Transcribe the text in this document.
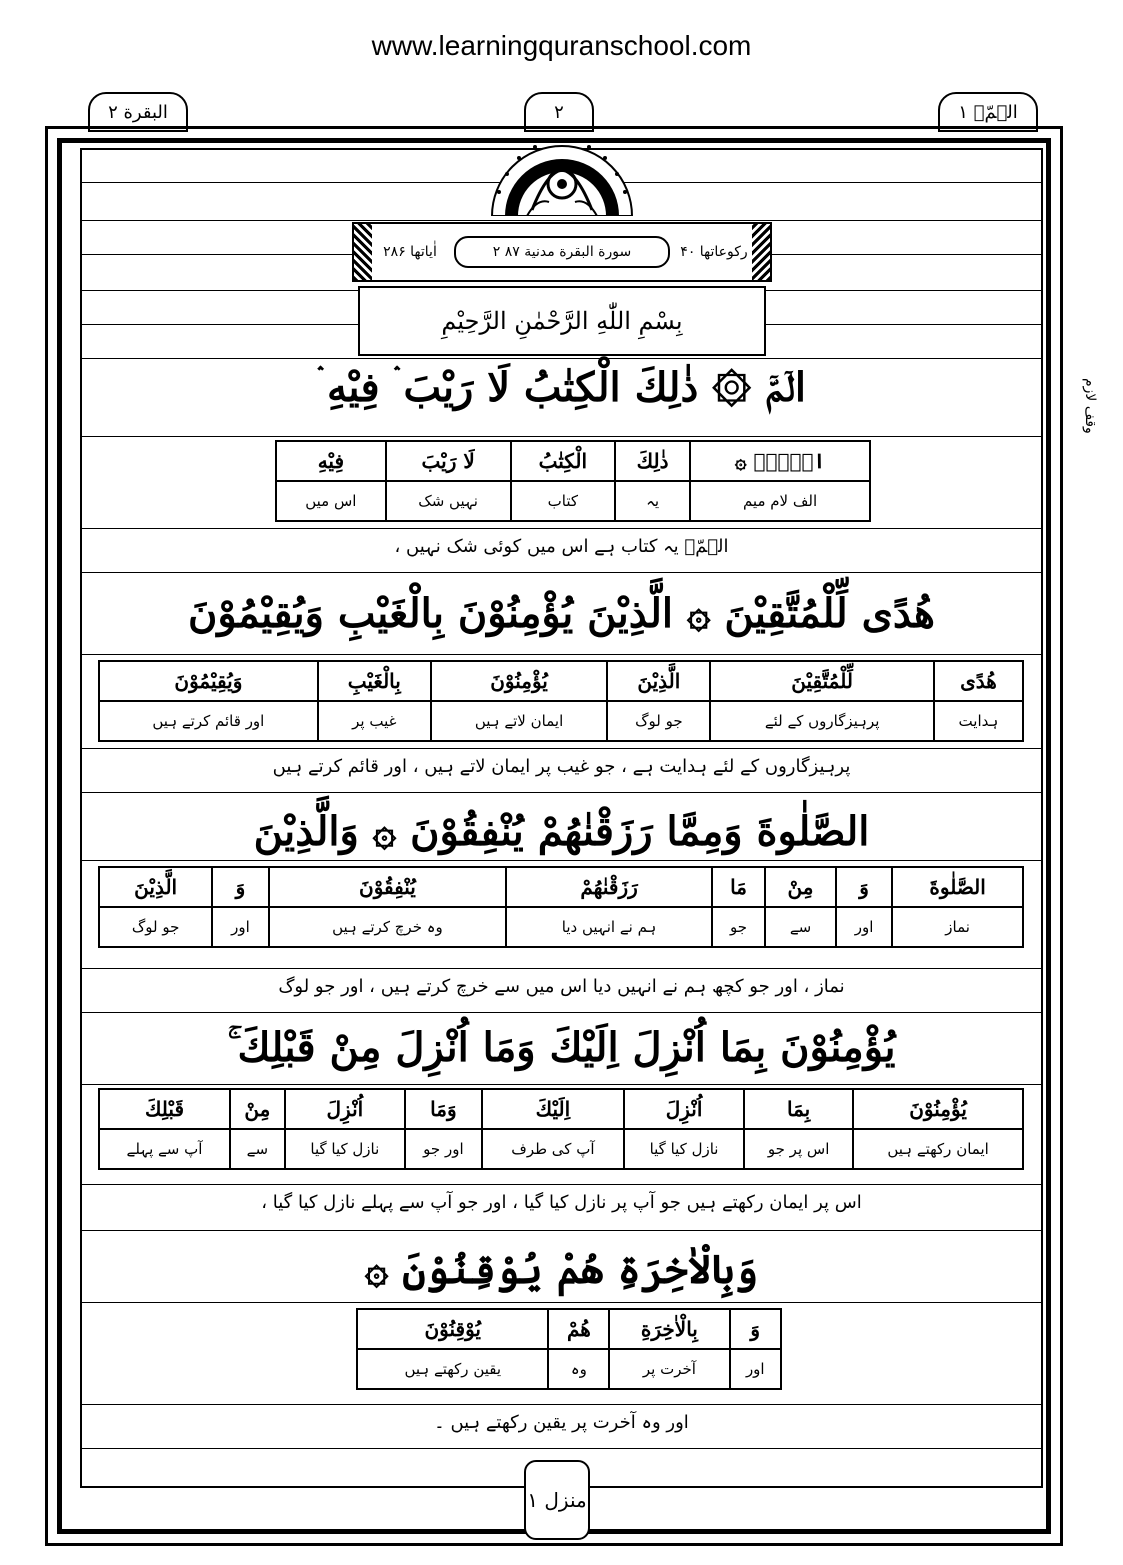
www.learningquranschool.com
البقرة ۲	۲	الۤمّۤ ۱
اٰياتها ۲۸۶	۲ سورة البقرة مدنية ۸۷	ركوعاتها ۴۰
بِسْمِ اللّٰهِ الرَّحْمٰنِ الرَّحِيْمِ
وقف لازم
الۤمّۤ ۞ ذٰلِكَ الْكِتٰبُ لَا رَيْبَ ۛ فِيْهِ ۛ
الۤمّۤ ۞	ذٰلِكَ	الْكِتٰبُ	لَا رَيْبَ	فِيْهِ
الف لام میم	یہ	کتاب	نہیں شک	اس میں
الۤمّۤ یہ کتاب ہے اس میں کوئی شک نہیں ،
هُدًى لِّلْمُتَّقِيْنَ ۞ الَّذِيْنَ يُؤْمِنُوْنَ بِالْغَيْبِ وَيُقِيْمُوْنَ
هُدًى	لِّلْمُتَّقِيْنَ	الَّذِيْنَ	يُؤْمِنُوْنَ	بِالْغَيْبِ	وَيُقِيْمُوْنَ
ہدایت	پرہیزگاروں کے لئے	جو لوگ	ایمان لاتے ہیں	غیب پر	اور قائم کرتے ہیں
پرہیزگاروں کے لئے ہدایت ہے ، جو غیب پر ایمان لاتے ہیں ، اور قائم کرتے ہیں
الصَّلٰوةَ وَمِمَّا رَزَقْنٰهُمْ يُنْفِقُوْنَ ۞ وَالَّذِيْنَ
الصَّلٰوةَ	وَ	مِنْ	مَا	رَزَقْنٰهُمْ	يُنْفِقُوْنَ	وَ	الَّذِيْنَ
نماز	اور	سے	جو	ہم نے انہیں دیا	وہ خرچ کرتے ہیں	اور	جو لوگ
نماز ، اور جو کچھ ہم نے انہیں دیا اس میں سے خرچ کرتے ہیں ، اور جو لوگ
يُؤْمِنُوْنَ بِمَا اُنْزِلَ اِلَيْكَ وَمَا اُنْزِلَ مِنْ قَبْلِكَ ۚ
يُؤْمِنُوْنَ	بِمَا	اُنْزِلَ	اِلَيْكَ	وَمَا	اُنْزِلَ	مِنْ	قَبْلِكَ
ایمان رکھتے ہیں	اس پر جو	نازل کیا گیا	آپ کی طرف	اور جو	نازل کیا گیا	سے	آپ سے پہلے
اس پر ایمان رکھتے ہیں جو آپ پر نازل کیا گیا ، اور جو آپ سے پہلے نازل کیا گیا ،
وَبِالْاٰخِرَةِ هُمْ يُوْقِنُوْنَ ۞
وَ	بِالْاٰخِرَةِ	هُمْ	يُوْقِنُوْنَ
اور	آخرت پر	وہ	یقین رکھتے ہیں
اور وہ آخرت پر یقین رکھتے ہیں ۔
منزل ۱
